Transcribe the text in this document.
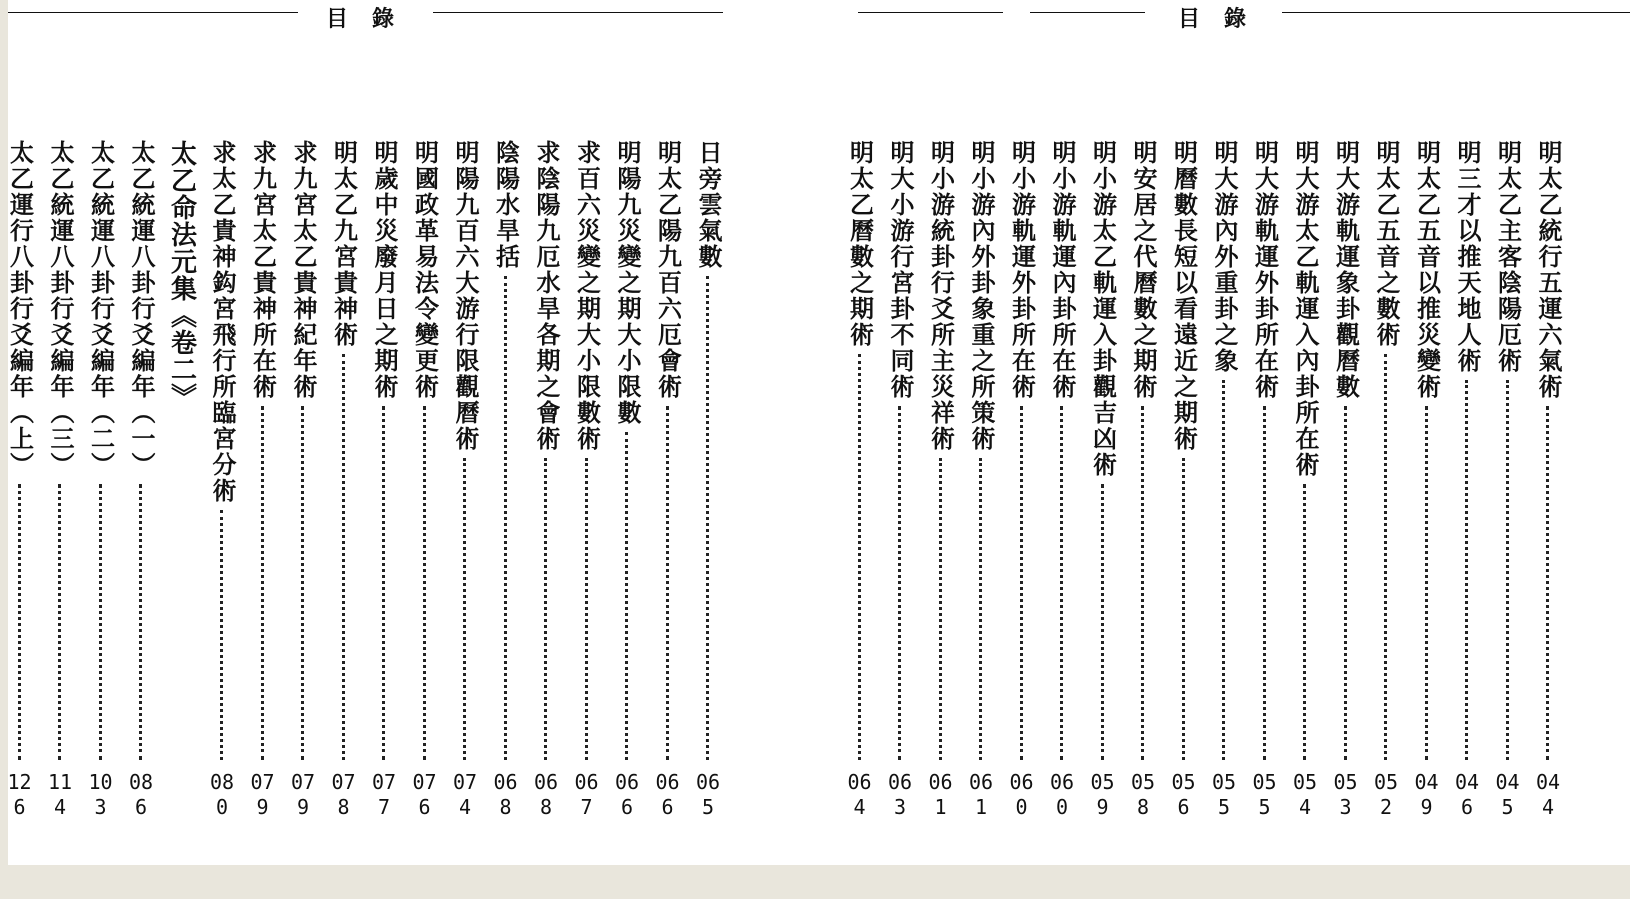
目錄
日旁雲氣數
065
明太乙陽九百六厄會術
066
明陽九災變之期大小限數
066
求百六災變之期大小限數術
067
求陰陽九厄水旱各期之會術
068
陰陽水旱括
068
明陽九百六大游行限觀曆術
074
明國政革易法令變更術
076
明歲中災廢月日之期術
077
明太乙九宮貴神術
078
求九宮太乙貴神紀年術
079
求九宮太乙貴神所在術
079
求太乙貴神鈎宮飛行所臨宮分術
080
太乙命法元集《卷二》
太乙統運八卦行爻編年（一）
086
太乙統運八卦行爻編年（二）
103
太乙統運八卦行爻編年（三）
114
太乙運行八卦行爻編年（上）
126
目錄
明太乙統行五運六氣術
044
明太乙主客陰陽厄術
045
明三才以推天地人術
046
明太乙五音以推災變術
049
明太乙五音之數術
052
明大游軌運象卦觀曆數
053
明大游太乙軌運入內卦所在術
054
明大游軌運外卦所在術
055
明大游內外重卦之象
055
明曆數長短以看遠近之期術
056
明安居之代曆數之期術
058
明小游太乙軌運入卦觀吉凶術
059
明小游軌運內卦所在術
060
明小游軌運外卦所在術
060
明小游內外卦象重之所策術
061
明小游統卦行爻所主災祥術
061
明大小游行宮卦不同術
063
明太乙曆數之期術
064
